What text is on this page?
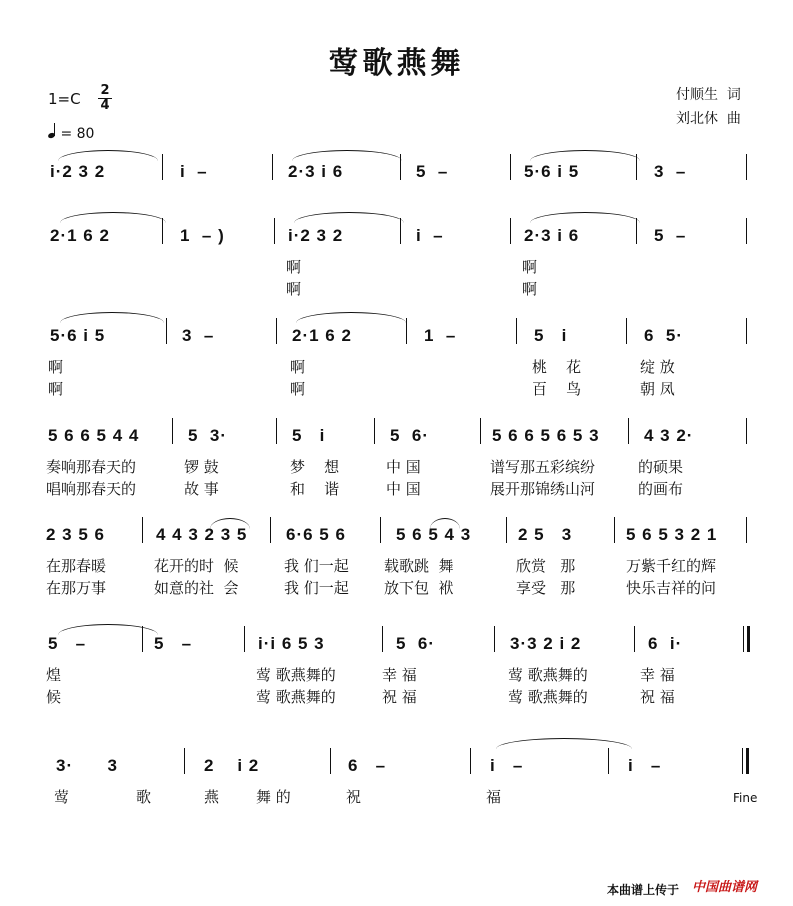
莺歌燕舞
付顺生  词
刘北休  曲
1=C 2
4
= 80
i·2 3 2	i  –	2·3 i 6	5  –	5·6 i 5	3  –
2·1 6 2	1  – )	i·2 3 2	i  –	2·3 i 6	5  –
啊	啊
啊	啊
5·6 i 5	3  –	2·1 6 2	1  –	5   i	6  5·
啊	啊	桃    花	绽 放
啊	啊	百    鸟	朝 凤
5 6 6 5 4 4	5  3·	5   i	5  6·	5 6 6 5 6 5 3	4 3 2·
奏响那春天的	锣 鼓	梦    想	中 国	谱写那五彩缤纷	的硕果
唱响那春天的	故 事	和    谐	中 国	展开那锦绣山河	的画布
2 3 5 6	4 4 3 2 3 5 6·6 5 6	5 6 5 4 3	2 5   3	5 6 5 3 2 1
在那春暖	花开的时  候	我 们一起 载歌跳  舞	欣赏   那	万紫千红的辉
在那万事	如意的社  会	我 们一起 放下包  袱	享受   那	快乐吉祥的问
5   –	5   –	i·i 6 5 3	5  6·	3·3 2 i 2	6  i·
煌	莺 歌燕舞的	幸 福	莺 歌燕舞的	幸 福
候	莺 歌燕舞的	祝 福	莺 歌燕舞的	祝 福
3·      3	2    i 2	6   –	i   –	i   –
莺	歌	燕 舞 的	祝	福	Fine
本曲谱上传于 中国曲谱网
